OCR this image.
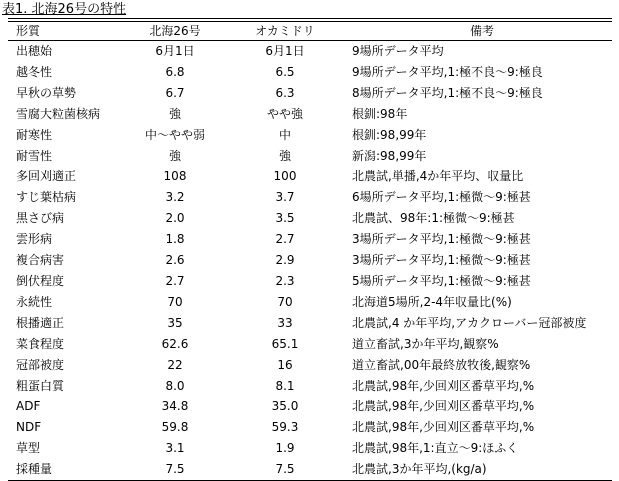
表1. 北海26号の特性
形質	北海26号	オカミドリ	備考
出穂始	6月1日	6月1日	9場所データ平均
越冬性	6.8	6.5	9場所データ平均,1:極不良～9:極良
早秋の草勢	6.7	6.3	8場所データ平均,1:極不良～9:極良
雪腐大粒菌核病	強	やや強	根釧:98年
耐寒性	中～やや弱	中	根釧:98,99年
耐雪性	強	強	新潟:98,99年
多回刈適正	108	100	北農試,単播,4か年平均、収量比
すじ葉枯病	3.2	3.7	6場所データ平均,1:極微～9:極甚
黒さび病	2.0	3.5	北農試、98年:1:極微～9:極甚
雲形病	1.8	2.7	3場所データ平均,1:極微～9:極甚
複合病害	2.6	2.9	3場所データ平均,1:極微～9:極甚
倒伏程度	2.7	2.3	5場所データ平均,1:極微～9:極甚
永続性	70	70	北海道5場所,2-4年収量比(%)
根播適正	35	33	北農試,4 か年平均,アカクローバー冠部被度
菜食程度	62.6	65.1	道立畜試,3か年平均,観察%
冠部被度	22	16	道立畜試,00年最終放牧後,観察%
粗蛋白質	8.0	8.1	北農試,98年,少回刈区番草平均,%
ADF	34.8	35.0	北農試,98年,少回刈区番草平均,%
NDF	59.8	59.3	北農試,98年,少回刈区番草平均,%
草型	3.1	1.9	北農試,98年,1:直立～9:ほふく
採種量	7.5	7.5	北農試,3か年平均,(kg/a)
